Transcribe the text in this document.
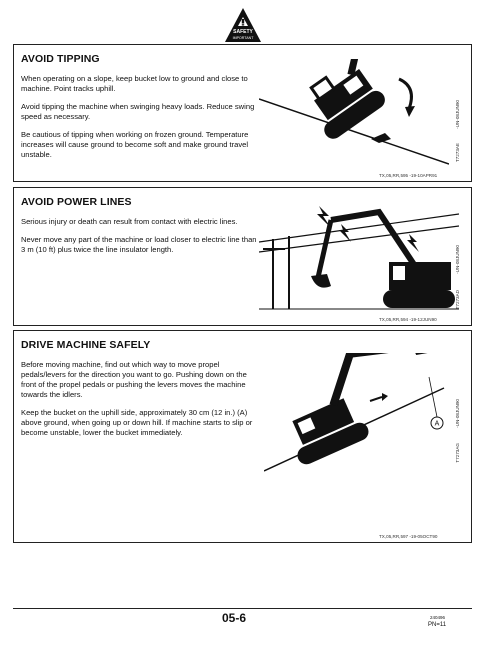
SAFETY
IMPORTANT
AVOID TIPPING

When operating on a slope, keep bucket low to ground and close to machine. Point tracks uphill.

Avoid tipping the machine when swinging heavy loads. Reduce swing speed as necessary.

Be cautious of tipping when working on frozen ground. Temperature increases will cause ground to become soft and make ground travel unstable.

TX,05,RR,595 -19-10APR91
T7273AE
-UN-08JUN90
AVOID POWER LINES

Serious injury or death can result from contact with electric lines.

Never move any part of the machine or load closer to electric line than 3 m (10 ft) plus twice the line insulator length.

TX,05,RR,594 -19-12JUN90
T7273AD
-UN-08JUN90
DRIVE MACHINE SAFELY

Before moving machine, find out which way to move propel pedals/levers for the direction you want to go. Pushing down on the front of the propel pedals or pushing the levers moves the machine towards the idlers.

Keep the bucket on the uphill side, approximately 30 cm (12 in.) (A) above ground, when going up or down hill. If machine starts to slip or become unstable, lower the bucket immediately.

A
TX,05,RR,597 -19-05OCT90
T7273AG
-UN-08JUN90
05-6	240496
PN=11
